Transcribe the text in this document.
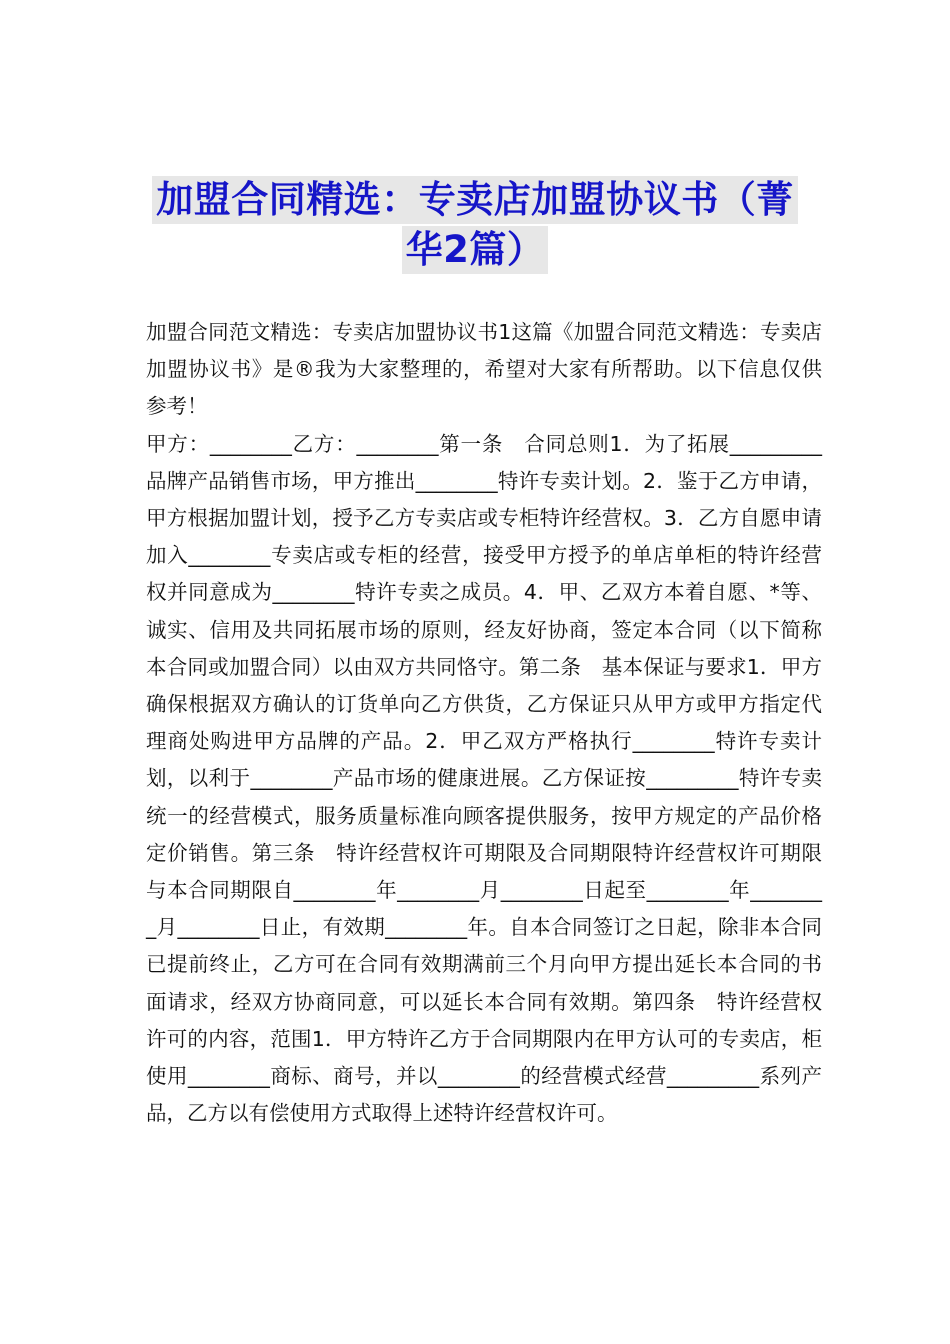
加盟合同精选：专卖店加盟协议书（菁
华2篇）

加盟合同范文精选：专卖店加盟协议书1这篇《加盟合同范文精选：专卖店加盟协议书》是®我为大家整理的，希望对大家有所帮助。以下信息仅供参考！

甲方：________乙方：________第一条　合同总则1．为了拓展_________品牌产品销售市场，甲方推出________特许专卖计划。2．鉴于乙方申请，甲方根据加盟计划，授予乙方专卖店或专柜特许经营权。3．乙方自愿申请加入________专卖店或专柜的经营，接受甲方授予的单店单柜的特许经营权并同意成为________特许专卖之成员。4．甲、乙双方本着自愿、*等、诚实、信用及共同拓展市场的原则，经友好协商，签定本合同（以下简称本合同或加盟合同）以由双方共同恪守。第二条　基本保证与要求1．甲方确保根据双方确认的订货单向乙方供货，乙方保证只从甲方或甲方指定代理商处购进甲方品牌的产品。2．甲乙双方严格执行________特许专卖计划，以利于________产品市场的健康进展。乙方保证按_________特许专卖统一的经营模式，服务质量标准向顾客提供服务，按甲方规定的产品价格定价销售。第三条　特许经营权许可期限及合同期限特许经营权许可期限与本合同期限自________年________月________日起至________年________月________日止，有效期________年。自本合同签订之日起，除非本合同已提前终止，乙方可在合同有效期满前三个月向甲方提出延长本合同的书面请求，经双方协商同意，可以延长本合同有效期。第四条　特许经营权许可的内容，范围1．甲方特许乙方于合同期限内在甲方认可的专卖店，柜使用________商标、商号，并以________的经营模式经营_________系列产品，乙方以有偿使用方式取得上述特许经营权许可。
